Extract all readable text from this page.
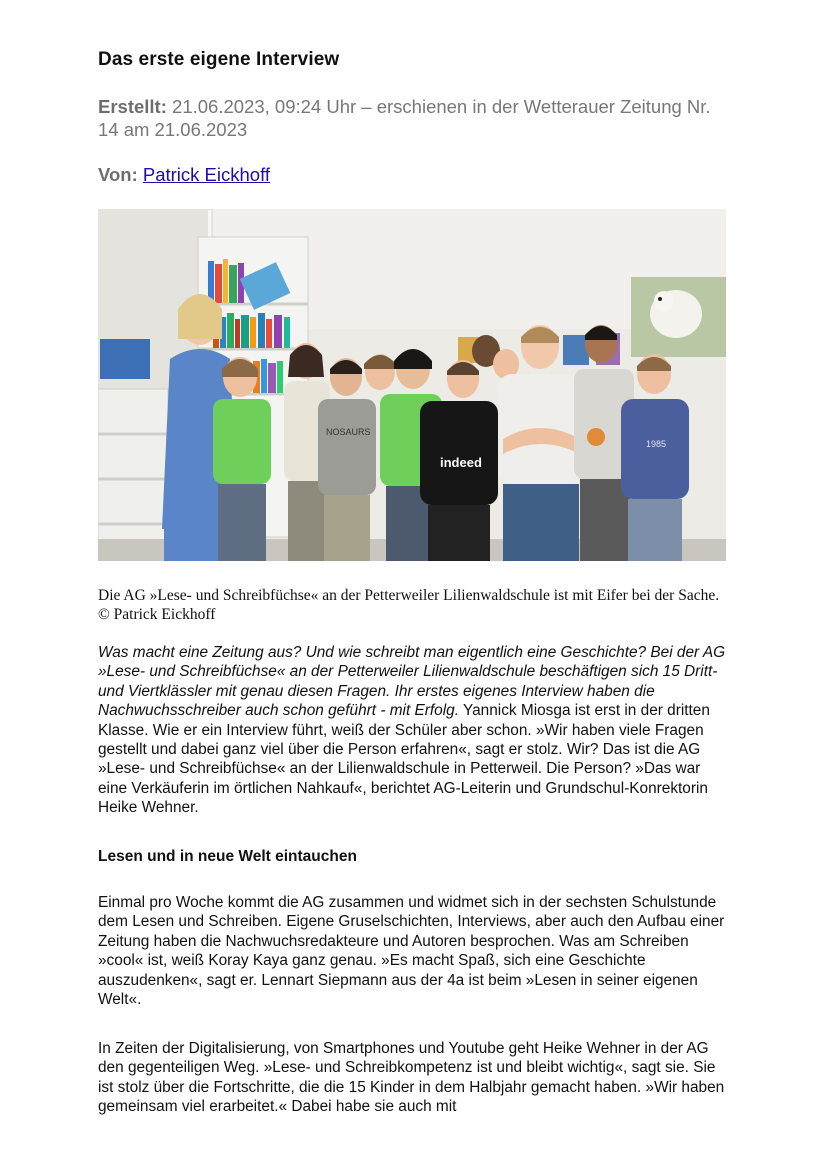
Das erste eigene Interview
Erstellt: 21.06.2023, 09:24 Uhr – erschienen in der Wetterauer Zeitung Nr. 14 am 21.06.2023
Von: Patrick Eickhoff
NOSAURS
indeed
1985
Die AG »Lese- und Schreibfüchse« an der Petterweiler Lilienwaldschule ist mit Eifer bei der Sache. © Patrick Eickhoff
Was macht eine Zeitung aus? Und wie schreibt man eigentlich eine Geschichte? Bei der AG »Lese- und Schreibfüchse« an der Petterweiler Lilienwaldschule beschäftigen sich 15 Dritt- und Viertklässler mit genau diesen Fragen. Ihr erstes eigenes Interview haben die Nachwuchsschreiber auch schon geführt - mit Erfolg. Yannick Miosga ist erst in der dritten Klasse. Wie er ein Interview führt, weiß der Schüler aber schon. »Wir haben viele Fragen gestellt und dabei ganz viel über die Person erfahren«, sagt er stolz. Wir? Das ist die AG »Lese- und Schreibfüchse« an der Lilienwaldschule in Petterweil. Die Person? »Das war eine Verkäuferin im örtlichen Nahkauf«, berichtet AG-Leiterin und Grundschul-Konrektorin Heike Wehner.
Lesen und in neue Welt eintauchen
Einmal pro Woche kommt die AG zusammen und widmet sich in der sechsten Schulstunde dem Lesen und Schreiben. Eigene Gruselschichten, Interviews, aber auch den Aufbau einer Zeitung haben die Nachwuchsredakteure und Autoren besprochen. Was am Schreiben »cool« ist, weiß Koray Kaya ganz genau. »Es macht Spaß, sich eine Geschichte auszudenken«, sagt er. Lennart Siepmann aus der 4a ist beim »Lesen in seiner eigenen Welt«.
In Zeiten der Digitalisierung, von Smartphones und Youtube geht Heike Wehner in der AG den gegenteiligen Weg. »Lese- und Schreibkompetenz ist und bleibt wichtig«, sagt sie. Sie ist stolz über die Fortschritte, die die 15 Kinder in dem Halbjahr gemacht haben. »Wir haben gemeinsam viel erarbeitet.« Dabei habe sie auch mit
